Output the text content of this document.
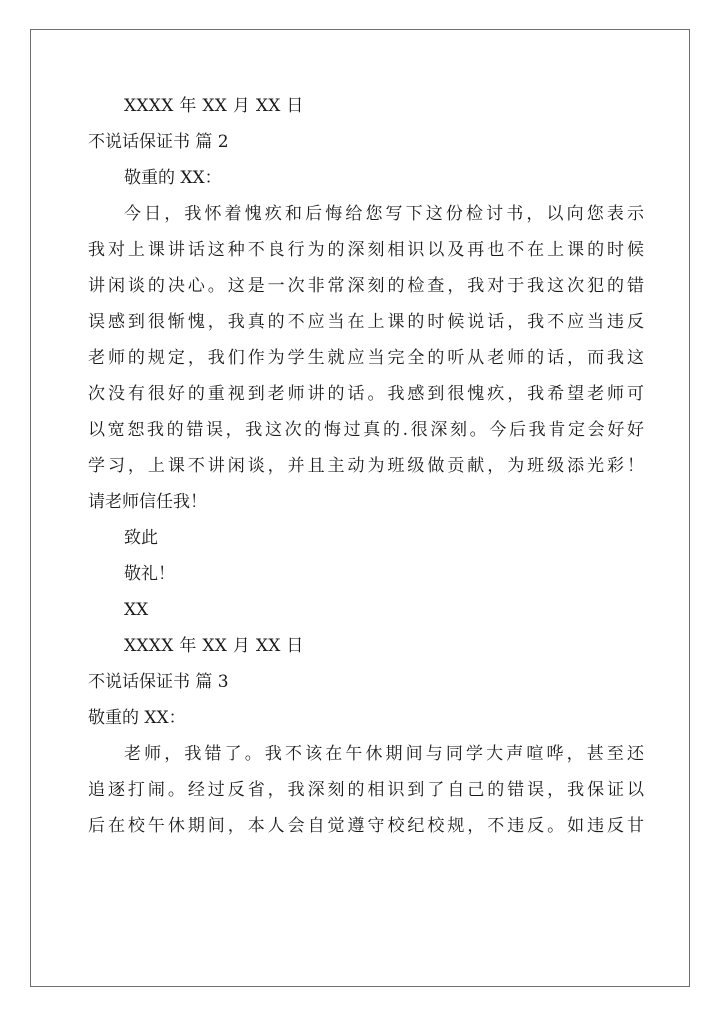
XXXX 年 XX 月 XX 日
不说话保证书 篇 2
敬重的 XX：
今日，我怀着愧疚和后悔给您写下这份检讨书，以向您表示
我对上课讲话这种不良行为的深刻相识以及再也不在上课的时候
讲闲谈的决心。这是一次非常深刻的检查，我对于我这次犯的错
误感到很惭愧，我真的不应当在上课的时候说话，我不应当违反
老师的规定，我们作为学生就应当完全的听从老师的话，而我这
次没有很好的重视到老师讲的话。我感到很愧疚，我希望老师可
以宽恕我的错误，我这次的悔过真的.很深刻。今后我肯定会好好
学习，上课不讲闲谈，并且主动为班级做贡献，为班级添光彩！
请老师信任我！
致此
敬礼！
XX
XXXX 年 XX 月 XX 日
不说话保证书 篇 3
敬重的 XX：
老师，我错了。我不该在午休期间与同学大声喧哗，甚至还
追逐打闹。经过反省，我深刻的相识到了自己的错误，我保证以
后在校午休期间，本人会自觉遵守校纪校规，不违反。如违反甘
